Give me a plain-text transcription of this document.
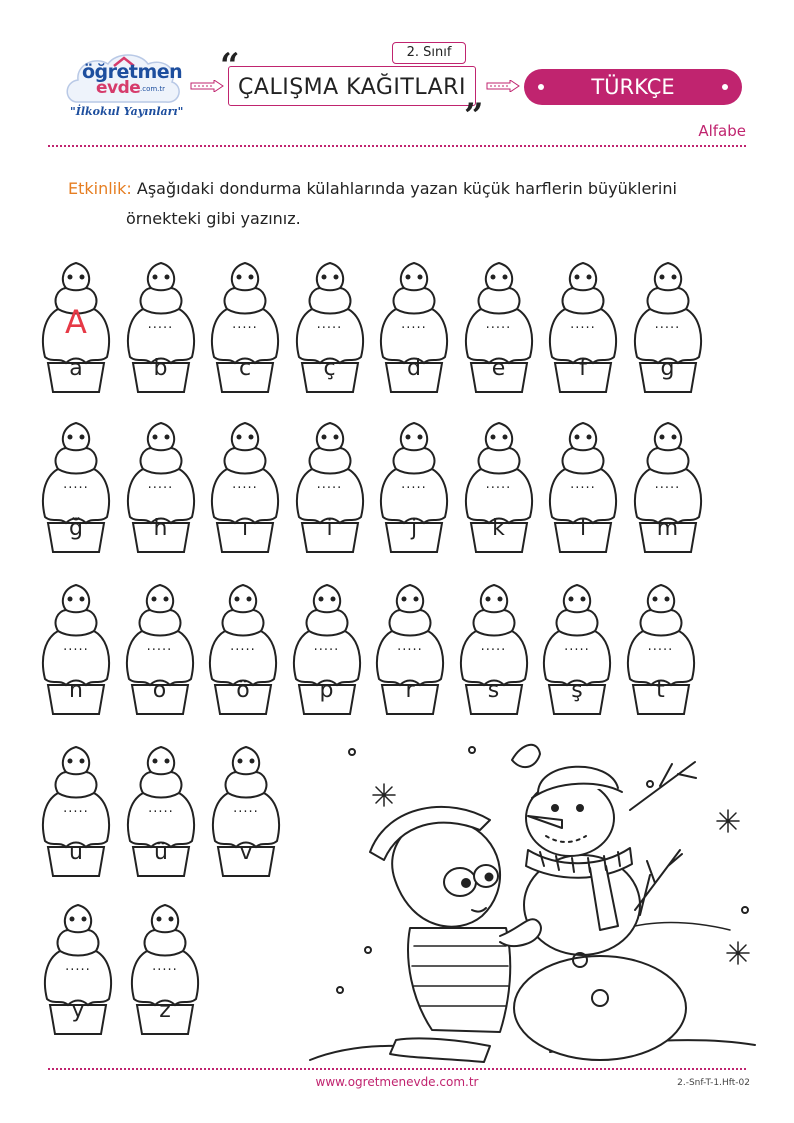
öğretmen
evde .com.tr
"İlkokul Yayınları"
ÇALIŞMA KAĞITLARI
“
”
2. Sınıf
TÜRKÇE
Alfabe
Etkinlik: Aşağıdaki dondurma külahlarında yazan küçük harflerin büyüklerini
örnekteki gibi yazınız.
A
a
.....
b
.....
c
.....
ç
.....
d
.....
e
.....
f
.....
g
.....
ğ
.....
h
.....
ı
.....
i
.....
j
.....
k
.....
l
.....
m
.....
n
.....
o
.....
ö
.....
p
.....
r
.....
s
.....
ş
.....
t
.....
u
.....
ü
.....
v
.....
y
.....
z
www.ogretmenevde.com.tr	2.-Snf-T-1.Hft-02
